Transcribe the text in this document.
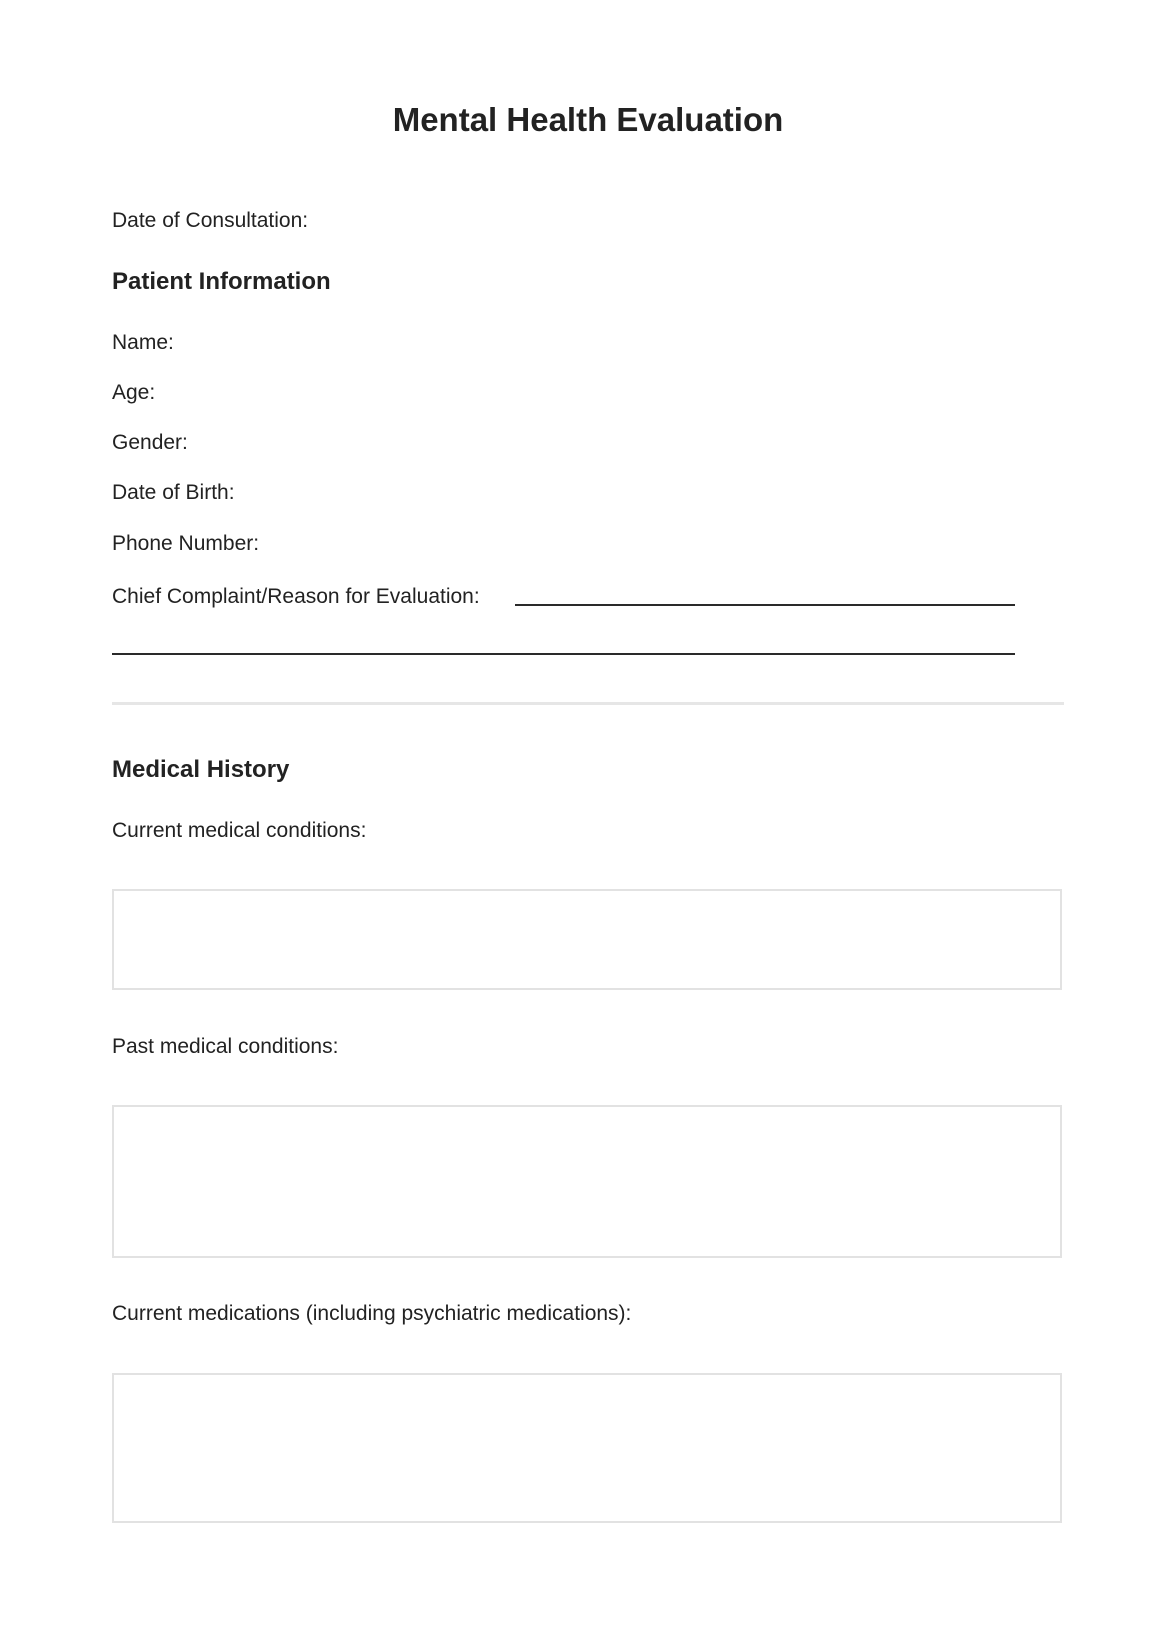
Mental Health Evaluation
Date of Consultation:
Patient Information
Name:
Age:
Gender:
Date of Birth:
Phone Number:
Chief Complaint/Reason for Evaluation:
Medical History
Current medical conditions:
Past medical conditions:
Current medications (including psychiatric medications):
